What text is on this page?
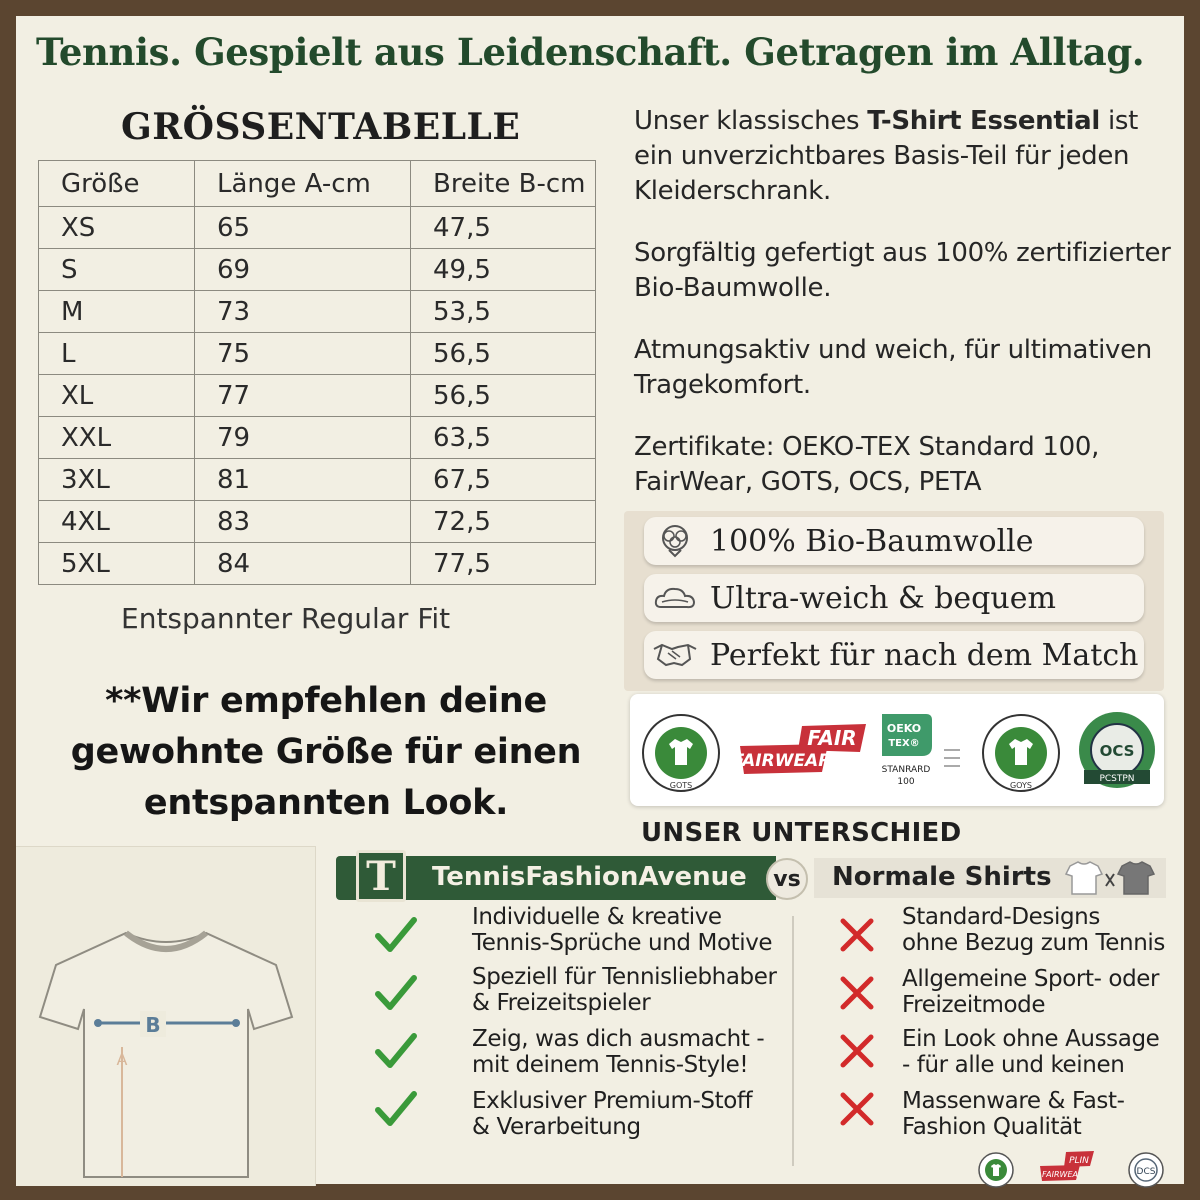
Tennis. Gespielt aus Leidenschaft. Getragen im Alltag.
GRÖSSENTABELLE
Größe	Länge A-cm	Breite B-cm
XS	65	47,5
S	69	49,5
M	73	53,5
L	75	56,5
XL	77	56,5
XXL	79	63,5
3XL	81	67,5
4XL	83	72,5
5XL	84	77,5
Entspannter Regular Fit
**Wir empfehlen deine
gewohnte Größe für einen
entspannten Look.
Unser klassisches T-Shirt Essential ist
ein unverzichtbares Basis-Teil für jeden
Kleiderschrank.
Sorgfältig gefertigt aus 100% zertifizierter
Bio-Baumwolle.
Atmungsaktiv und weich, für ultimativen
Tragekomfort.
Zertifikate: OEKO-TEX Standard 100,
FairWear, GOTS, OCS, PETA
100% Bio-Baumwolle
Ultra-weich & bequem
Perfekt für nach dem Match
GOTS
FAIR
FAIRWEAR
OEKO
TEX®
STANRARD
100	GOYS
OCS
PCSTPN
UNSER UNTERSCHIED
B
A
T	TennisFashionAvenue	Normale Shirts
vs
Individuelle & kreative
Tennis-Sprüche und Motive
Speziell für Tennisliebhaber
& Freizeitspieler
Zeig, was dich ausmacht -
mit deinem Tennis-Style!
Exklusiver Premium-Stoff
& Verarbeitung
Standard-Designs
ohne Bezug zum Tennis
Allgemeine Sport- oder
Freizeitmode
Ein Look ohne Aussage
- für alle und keinen
Massenware & Fast-
Fashion Qualität
PLIN
FAIRWEA	DCS
